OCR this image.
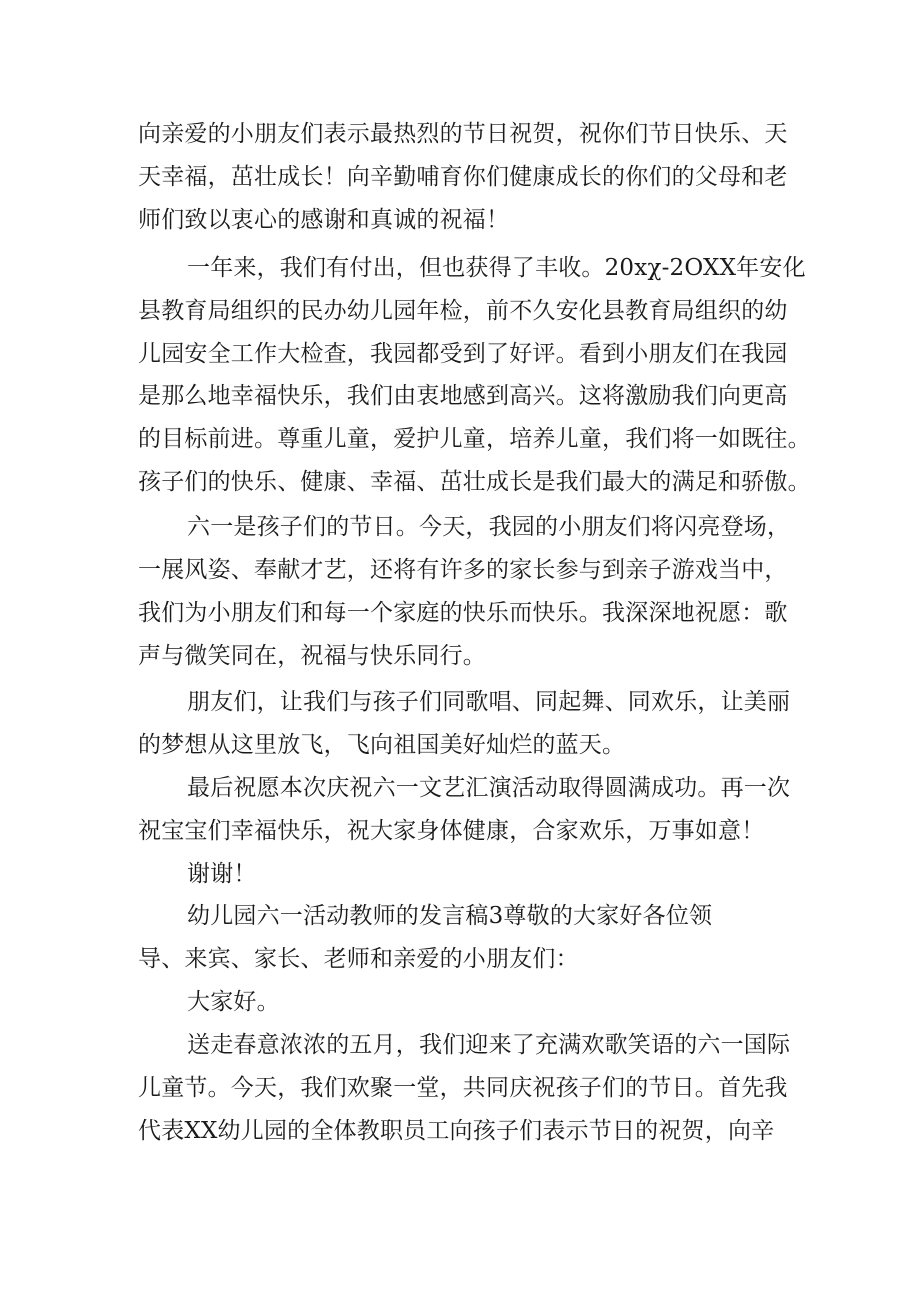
向亲爱的小朋友们表示最热烈的节日祝贺，祝你们节日快乐、天
天幸福，茁壮成长！向辛勤哺育你们健康成长的你们的父母和老
师们致以衷心的感谢和真诚的祝福！
一年来，我们有付出，但也获得了丰收。20xχ-2OXX年安化
县教育局组织的民办幼儿园年检，前不久安化县教育局组织的幼
儿园安全工作大检查，我园都受到了好评。看到小朋友们在我园
是那么地幸福快乐，我们由衷地感到高兴。这将激励我们向更高
的目标前进。尊重儿童，爱护儿童，培养儿童，我们将一如既往。
孩子们的快乐、健康、幸福、茁壮成长是我们最大的满足和骄傲。
六一是孩子们的节日。今天，我园的小朋友们将闪亮登场，
一展风姿、奉献才艺，还将有许多的家长参与到亲子游戏当中，
我们为小朋友们和每一个家庭的快乐而快乐。我深深地祝愿：歌
声与微笑同在，祝福与快乐同行。
朋友们，让我们与孩子们同歌唱、同起舞、同欢乐，让美丽
的梦想从这里放飞，飞向祖国美好灿烂的蓝天。
最后祝愿本次庆祝六一文艺汇演活动取得圆满成功。再一次
祝宝宝们幸福快乐，祝大家身体健康，合家欢乐，万事如意！
谢谢！
幼儿园六一活动教师的发言稿3尊敬的大家好各位领
导、来宾、家长、老师和亲爱的小朋友们：
大家好。
送走春意浓浓的五月，我们迎来了充满欢歌笑语的六一国际
儿童节。今天，我们欢聚一堂，共同庆祝孩子们的节日。首先我
代表XX幼儿园的全体教职员工向孩子们表示节日的祝贺，向辛
